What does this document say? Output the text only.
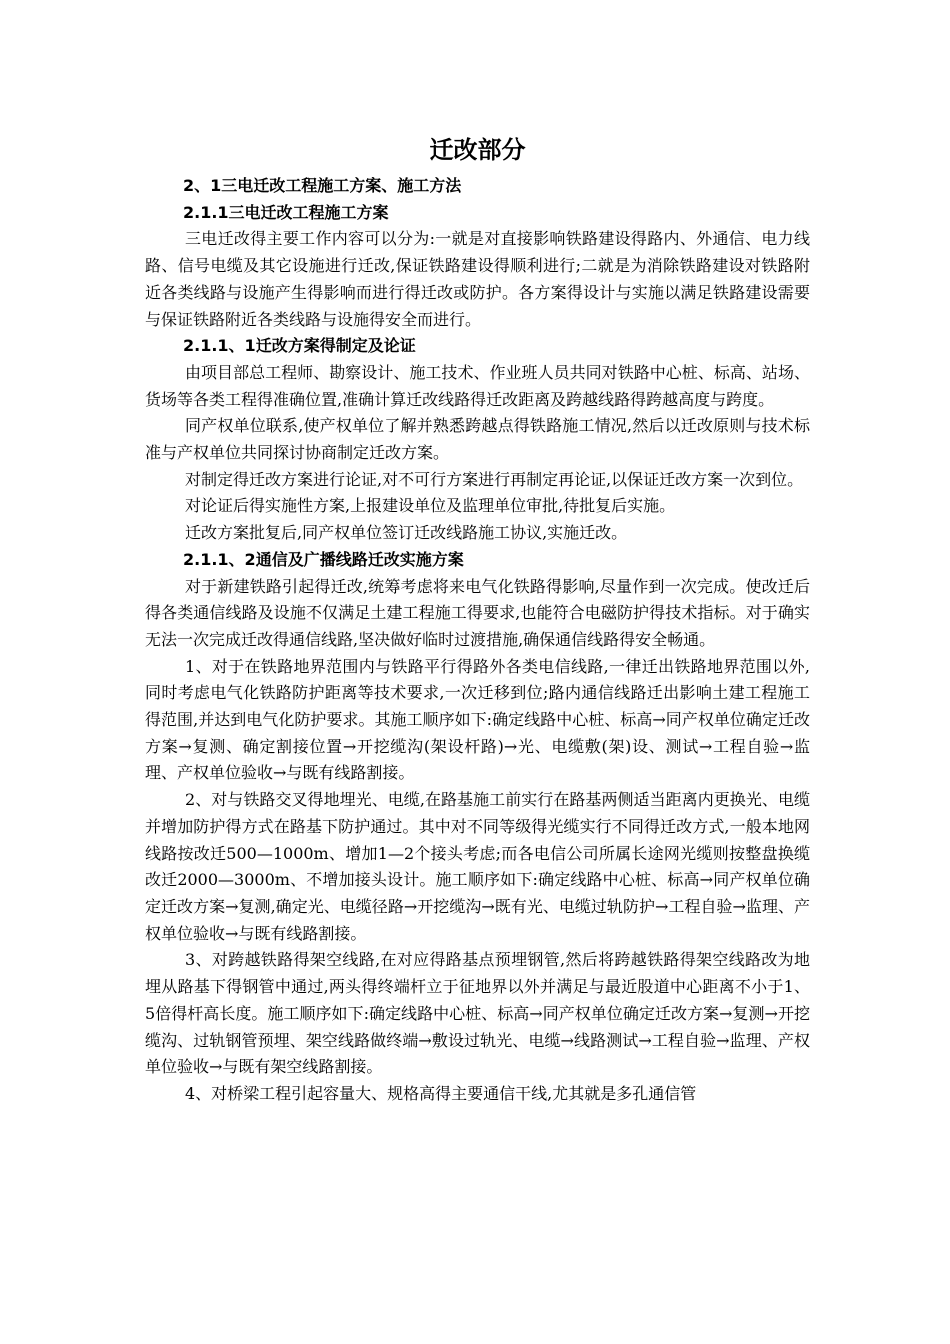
迁改部分

2、1三电迁改工程施工方案、施工方法

2.1.1三电迁改工程施工方案

三电迁改得主要工作内容可以分为:一就是对直接影响铁路建设得路内、外通信、电力线路、信号电缆及其它设施进行迁改,保证铁路建设得顺利进行;二就是为消除铁路建设对铁路附近各类线路与设施产生得影响而进行得迁改或防护。各方案得设计与实施以满足铁路建设需要与保证铁路附近各类线路与设施得安全而进行。

2.1.1、1迁改方案得制定及论证

由项目部总工程师、勘察设计、施工技术、作业班人员共同对铁路中心桩、标高、站场、货场等各类工程得准确位置,准确计算迁改线路得迁改距离及跨越线路得跨越高度与跨度。

同产权单位联系,使产权单位了解并熟悉跨越点得铁路施工情况,然后以迁改原则与技术标准与产权单位共同探讨协商制定迁改方案。

对制定得迁改方案进行论证,对不可行方案进行再制定再论证,以保证迁改方案一次到位。

对论证后得实施性方案,上报建设单位及监理单位审批,待批复后实施。

迁改方案批复后,同产权单位签订迁改线路施工协议,实施迁改。

2.1.1、2通信及广播线路迁改实施方案

对于新建铁路引起得迁改,统筹考虑将来电气化铁路得影响,尽量作到一次完成。使改迁后得各类通信线路及设施不仅满足土建工程施工得要求,也能符合电磁防护得技术指标。对于确实无法一次完成迁改得通信线路,坚决做好临时过渡措施,确保通信线路得安全畅通。

1、对于在铁路地界范围内与铁路平行得路外各类电信线路,一律迁出铁路地界范围以外,同时考虑电气化铁路防护距离等技术要求,一次迁移到位;路内通信线路迁出影响土建工程施工得范围,并达到电气化防护要求。其施工顺序如下:确定线路中心桩、标高→同产权单位确定迁改方案→复测、确定割接位置→开挖缆沟(架设杆路)→光、电缆敷(架)设、测试→工程自验→监理、产权单位验收→与既有线路割接。

2、对与铁路交叉得地埋光、电缆,在路基施工前实行在路基两侧适当距离内更换光、电缆并增加防护得方式在路基下防护通过。其中对不同等级得光缆实行不同得迁改方式,一般本地网线路按改迁500—1000m、增加1—2个接头考虑;而各电信公司所属长途网光缆则按整盘换缆改迁2000—3000m、不增加接头设计。施工顺序如下:确定线路中心桩、标高→同产权单位确定迁改方案→复测,确定光、电缆径路→开挖缆沟→既有光、电缆过轨防护→工程自验→监理、产权单位验收→与既有线路割接。

3、对跨越铁路得架空线路,在对应得路基点预埋钢管,然后将跨越铁路得架空线路改为地埋从路基下得钢管中通过,两头得终端杆立于征地界以外并满足与最近股道中心距离不小于1、5倍得杆高长度。施工顺序如下:确定线路中心桩、标高→同产权单位确定迁改方案→复测→开挖缆沟、过轨钢管预埋、架空线路做终端→敷设过轨光、电缆→线路测试→工程自验→监理、产权单位验收→与既有架空线路割接。

4、对桥梁工程引起容量大、规格高得主要通信干线,尤其就是多孔通信管
